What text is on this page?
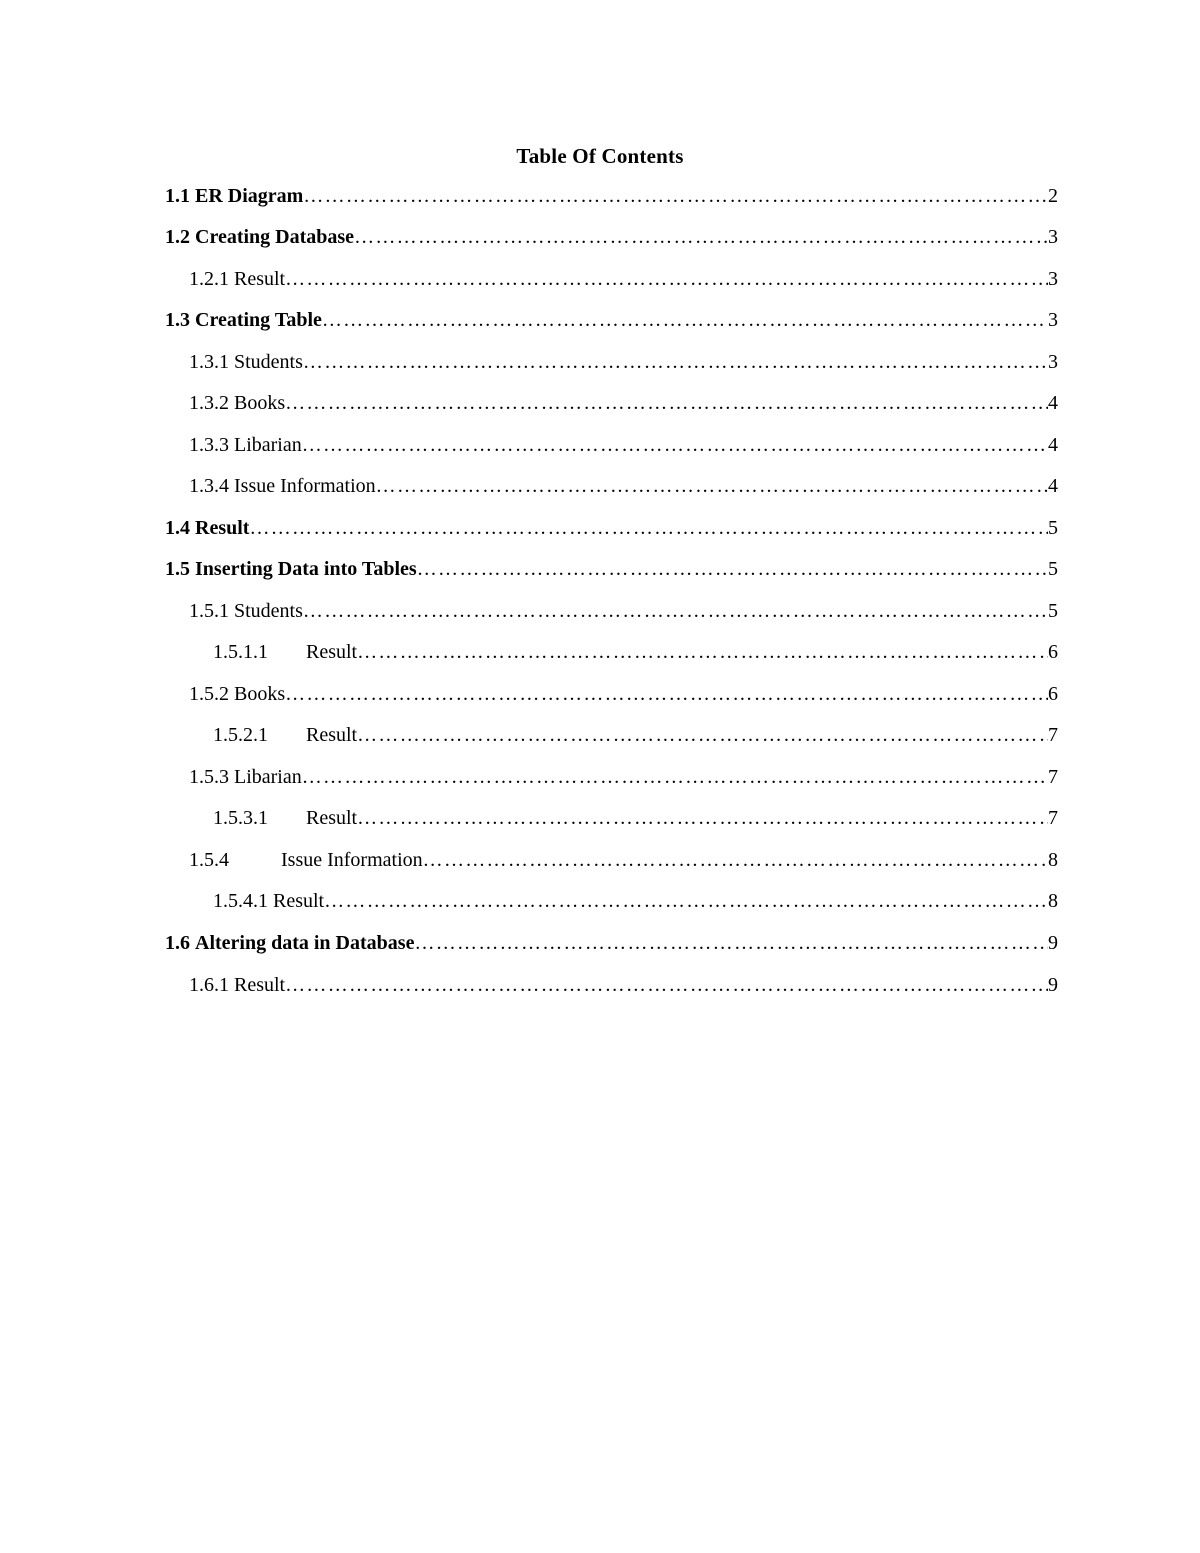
Table Of Contents
1.1 ER Diagram ……………………………………………………………………………………………………………………………………………………………………………………………	2
1.2 Creating Database ……………………………………………………………………………………………………………………………………………………………………………………………	3
1.2.1 Result ……………………………………………………………………………………………………………………………………………………………………………………………	3
1.3 Creating Table ……………………………………………………………………………………………………………………………………………………………………………………………	3
1.3.1 Students ……………………………………………………………………………………………………………………………………………………………………………………………	3
1.3.2 Books ……………………………………………………………………………………………………………………………………………………………………………………………	4
1.3.3 Libarian ……………………………………………………………………………………………………………………………………………………………………………………………	4
1.3.4 Issue Information ……………………………………………………………………………………………………………………………………………………………………………………………	4
1.4 Result ……………………………………………………………………………………………………………………………………………………………………………………………	5
1.5 Inserting Data into Tables ……………………………………………………………………………………………………………………………………………………………………………………………	5
1.5.1 Students ……………………………………………………………………………………………………………………………………………………………………………………………	5
1.5.1.1	Result ……………………………………………………………………………………………………………………………………………………………………………………………	6
1.5.2 Books ……………………………………………………………………………………………………………………………………………………………………………………………	6
1.5.2.1	Result ……………………………………………………………………………………………………………………………………………………………………………………………	7
1.5.3 Libarian ……………………………………………………………………………………………………………………………………………………………………………………………	7
1.5.3.1	Result ……………………………………………………………………………………………………………………………………………………………………………………………	7
1.5.4	Issue Information ……………………………………………………………………………………………………………………………………………………………………………………………	8
1.5.4.1 Result ……………………………………………………………………………………………………………………………………………………………………………………………	8
1.6 Altering data in Database ……………………………………………………………………………………………………………………………………………………………………………………………	9
1.6.1 Result ……………………………………………………………………………………………………………………………………………………………………………………………	9
